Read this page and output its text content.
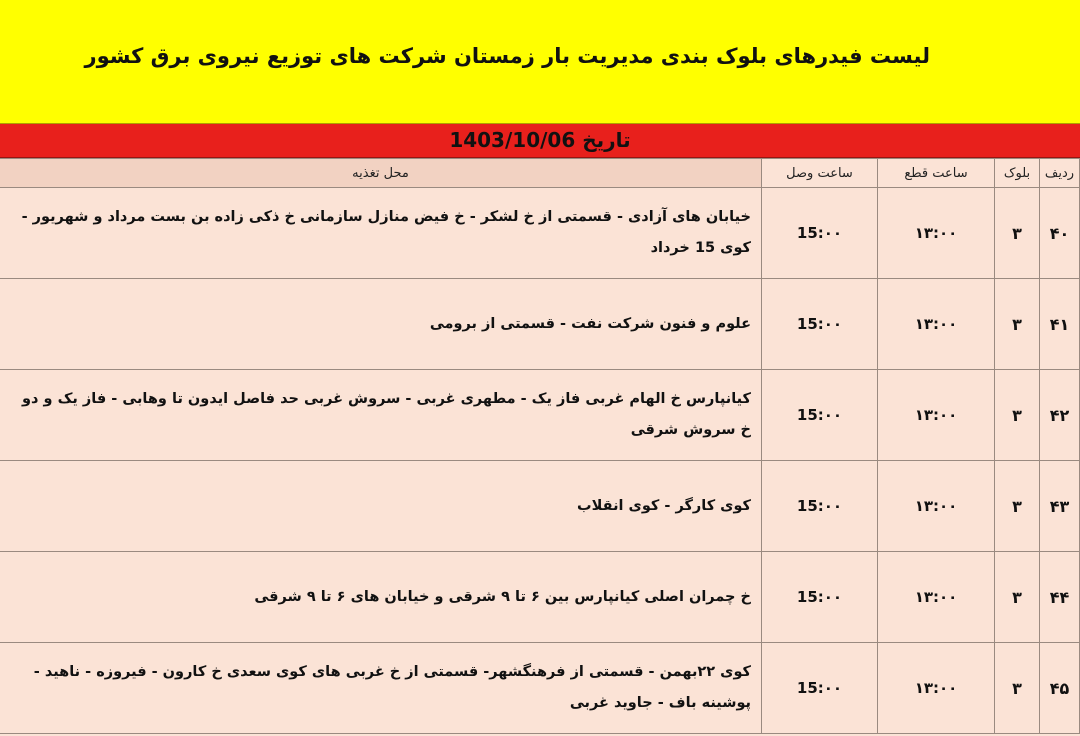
لیست فیدرهای بلوک بندی مدیریت بار زمستان شرکت های توزیع نیروی برق کشور
تاریخ 1403/10/06
ردیف	بلوک	ساعت قطع	ساعت وصل	محل تغذیه
۴۰	۳	۱۳:۰۰	15:۰۰	خیابان های آزادی - قسمتی از خ لشکر - خ فیض منازل سازمانی خ ذکی زاده بن بست مرداد و شهریور - کوی 15 خرداد
۴۱	۳	۱۳:۰۰	15:۰۰	علوم و فنون شرکت نفت - قسمتی از برومی
۴۲	۳	۱۳:۰۰	15:۰۰	کیانپارس خ الهام غربی فاز یک - مطهری غربی - سروش غربی حد فاصل ایدون تا وهابی - فاز یک و دو خ سروش شرقی
۴۳	۳	۱۳:۰۰	15:۰۰	کوی کارگر - کوی انقلاب
۴۴	۳	۱۳:۰۰	15:۰۰	خ چمران اصلی کیانپارس بین ۶ تا ۹ شرقی و خیابان های ۶ تا ۹ شرقی
۴۵	۳	۱۳:۰۰	15:۰۰	کوی ۲۲بهمن - قسمتی از فرهنگشهر- قسمتی از خ غربی های کوی سعدی خ کارون - فیروزه - ناهید - پوشینه باف - جاوید غربی
